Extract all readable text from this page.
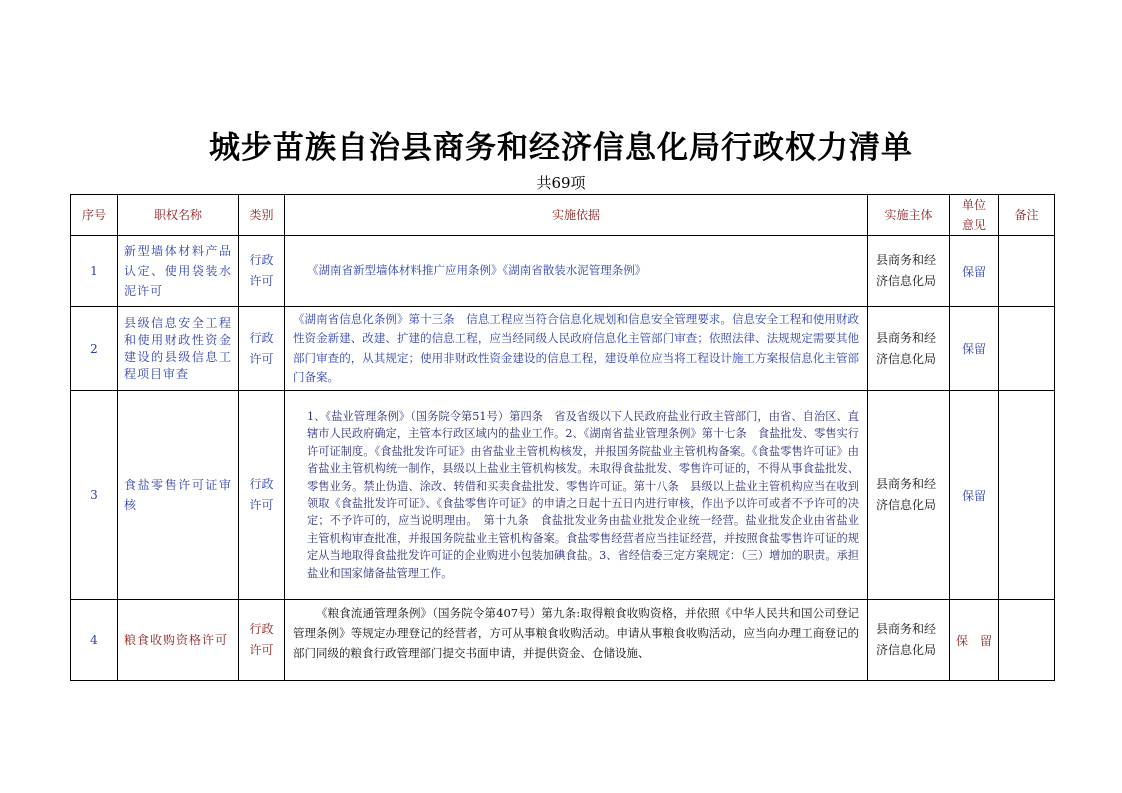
城步苗族自治县商务和经济信息化局行政权力清单
共69项
序号	职权名称	类别	实施依据	实施主体	单位意见	备注
1	新型墙体材料产品认定、使用袋装水泥许可	行政许可	《湖南省新型墙体材料推广应用条例》《湖南省散装水泥管理条例》	县商务和经济信息化局	保留	
2	县级信息安全工程和使用财政性资金建设的县级信息工程项目审查	行政许可	《湖南省信息化条例》第十三条　信息工程应当符合信息化规划和信息安全管理要求。信息安全工程和使用财政性资金新建、改建、扩建的信息工程，应当经同级人民政府信息化主管部门审查；依照法律、法规规定需要其他部门审查的，从其规定；使用非财政性资金建设的信息工程，建设单位应当将工程设计施工方案报信息化主管部门备案。	县商务和经济信息化局	保留	
3	食盐零售许可证审核	行政许可	1、《盐业管理条例》（国务院令第51号）第四条　省及省级以下人民政府盐业行政主管部门，由省、自治区、直辖市人民政府确定，主管本行政区域内的盐业工作。2、《湖南省盐业管理条例》第十七条　食盐批发、零售实行许可证制度。《食盐批发许可证》由省盐业主管机构核发，并报国务院盐业主管机构备案。《食盐零售许可证》由省盐业主管机构统一制作，县级以上盐业主管机构核发。未取得食盐批发、零售许可证的，不得从事食盐批发、零售业务。禁止伪造、涂改、转借和买卖食盐批发、零售许可证。第十八条　县级以上盐业主管机构应当在收到领取《食盐批发许可证》、《食盐零售许可证》的申请之日起十五日内进行审核，作出予以许可或者不予许可的决定；不予许可的，应当说明理由。　第十九条　食盐批发业务由盐业批发企业统一经营。盐业批发企业由省盐业主管机构审查批准，并报国务院盐业主管机构备案。食盐零售经营者应当挂证经营，并按照食盐零售许可证的规定从当地取得食盐批发许可证的企业购进小包装加碘食盐。3、省经信委三定方案规定：（三）增加的职责。承担盐业和国家储备盐管理工作。	县商务和经济信息化局	保留	
4	粮食收购资格许可	行政许可	《粮食流通管理条例》（国务院令第407号）第九条:取得粮食收购资格，并依照《中华人民共和国公司登记管理条例》等规定办理登记的经营者，方可从事粮食收购活动。申请从事粮食收购活动，应当向办理工商登记的部门同级的粮食行政管理部门提交书面申请，并提供资金、仓储设施、	县商务和经济信息化局	保　留	
